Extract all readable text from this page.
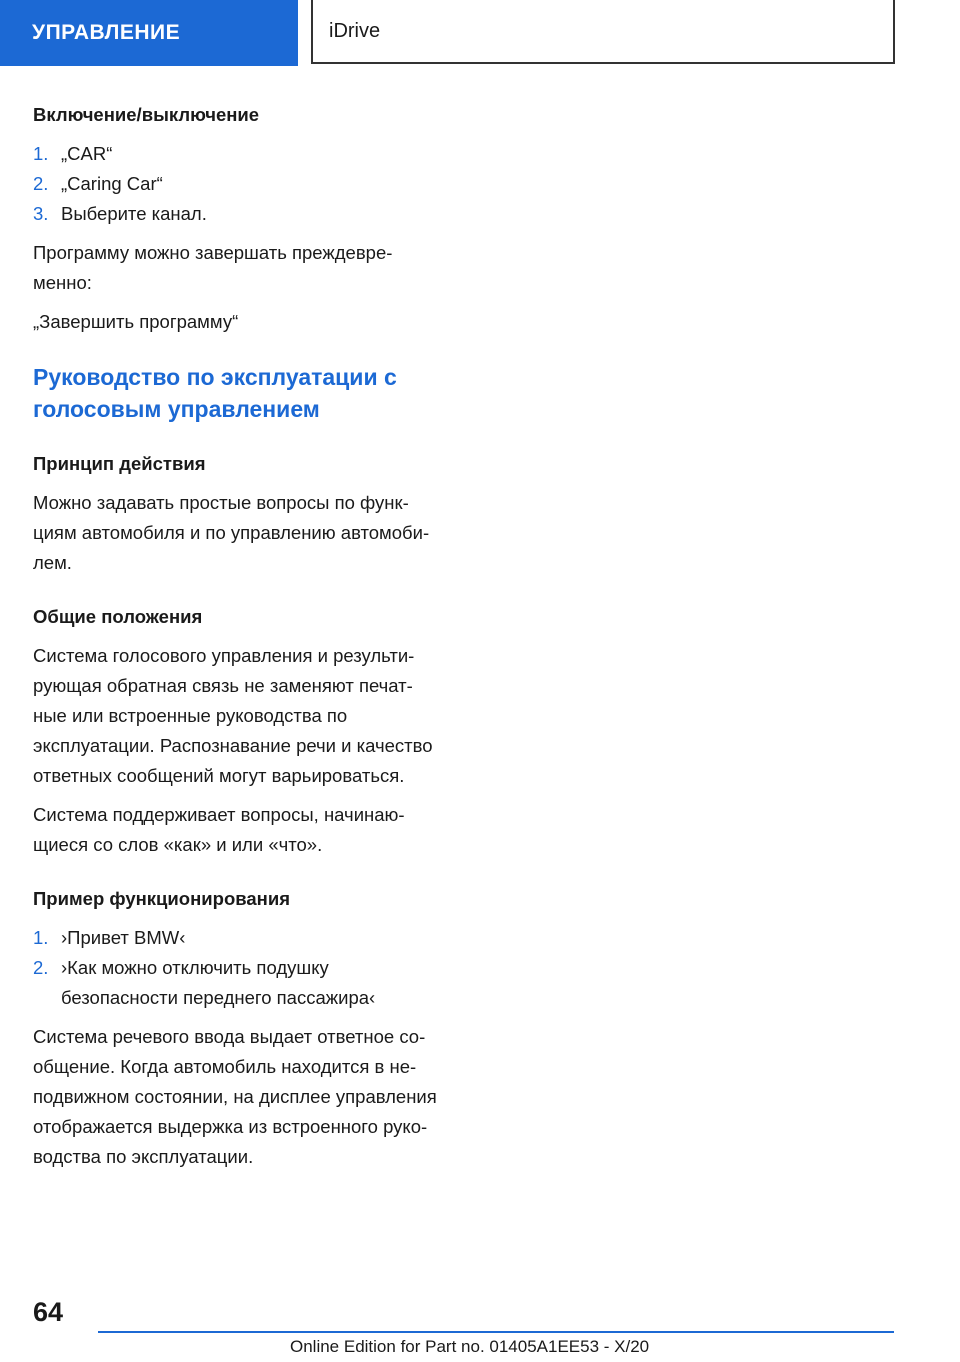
УПРАВЛЕНИЕ	iDrive

Включение/выключение

1. „CAR“
2. „Caring Car“
3. Выберите канал.

Программу можно завершать преждевре-
менно:

„Завершить программу“

Руководство по эксплуатации с
голосовым управлением

Принцип действия

Можно задавать простые вопросы по функ-
циям автомобиля и по управлению автомоби-
лем.

Общие положения

Система голосового управления и результи-
рующая обратная связь не заменяют печат-
ные или встроенные руководства по
эксплуатации. Распознавание речи и качество
ответных сообщений могут варьироваться.

Система поддерживает вопросы, начинаю-
щиеся со слов «как» и или «что».

Пример функционирования

1. ›Привет BMW‹
2. ›Как можно отключить подушку
безопасности переднего пассажира‹

Система речевого ввода выдает ответное со-
общение. Когда автомобиль находится в не-
подвижном состоянии, на дисплее управления
отображается выдержка из встроенного руко-
водства по эксплуатации.

64
Online Edition for Part no. 01405A1EE53 - X/20
